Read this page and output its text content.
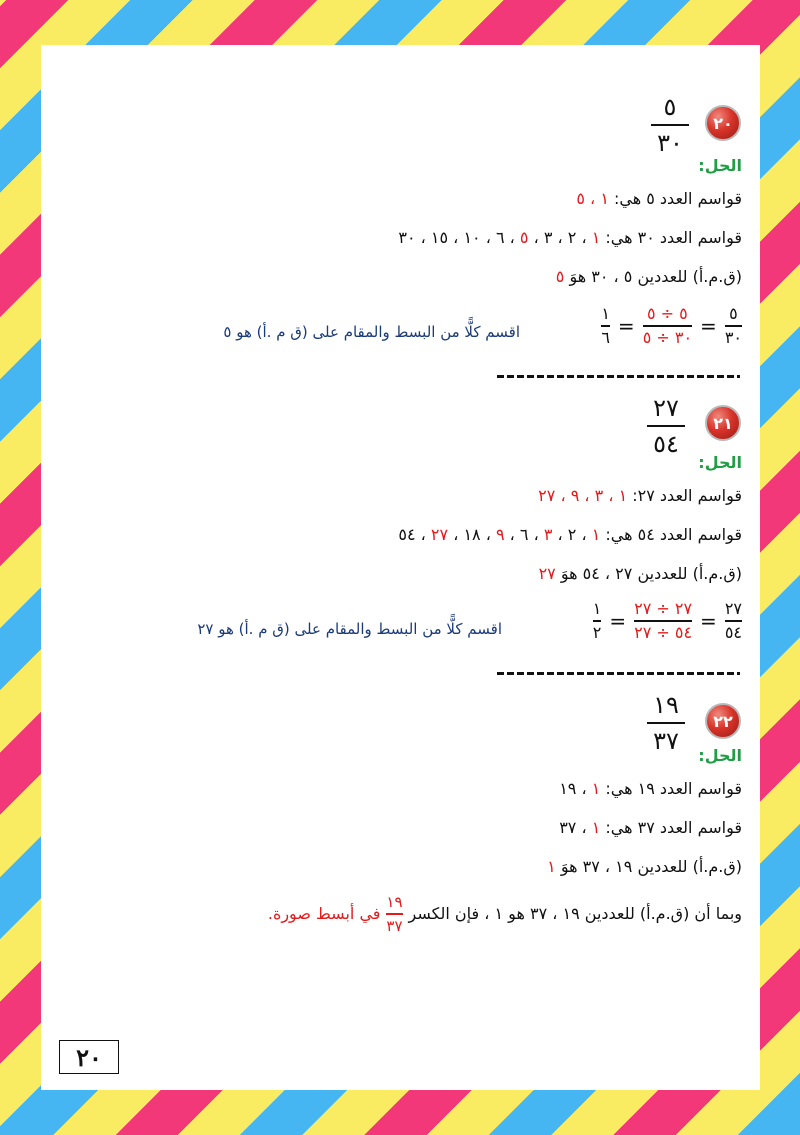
٢٠
٥
٣٠
الحل:
قواسم العدد ٥ هي: ١ ، ٥
قواسم العدد ٣٠ هي: ١ ، ٢ ، ٣ ، ٥ ، ٦ ، ١٠ ، ١٥ ، ٣٠
(ق.م.أ) للعددين ٥ ، ٣٠ هوَ ٥
٥
٣٠
=
٥ ÷ ٥
٣٠ ÷ ٥
=
١
٦
اقسم كلًّا من البسط والمقام على (ق م .أ) هو ٥
٢١
٢٧
٥٤
الحل:
قواسم العدد ٢٧: ١ ، ٣ ، ٩ ، ٢٧
قواسم العدد ٥٤ هي: ١ ، ٢ ، ٣ ، ٦ ، ٩ ، ١٨ ، ٢٧ ، ٥٤
(ق.م.أ) للعددين ٢٧ ، ٥٤ هوَ ٢٧
٢٧
٥٤
=
٢٧ ÷ ٢٧
٥٤ ÷ ٢٧
=
١
٢
اقسم كلًّا من البسط والمقام على (ق م .أ) هو ٢٧
٢٢
١٩
٣٧
الحل:
قواسم العدد ١٩ هي: ١ ، ١٩
قواسم العدد ٣٧ هي: ١ ، ٣٧
(ق.م.أ) للعددين ١٩ ، ٣٧ هوَ ١
وبما أن (ق.م.أ) للعددين ١٩ ، ٣٧ هو ١ ، فإن الكسر
١٩
٣٧
في أبسط صورة.
٢٠
